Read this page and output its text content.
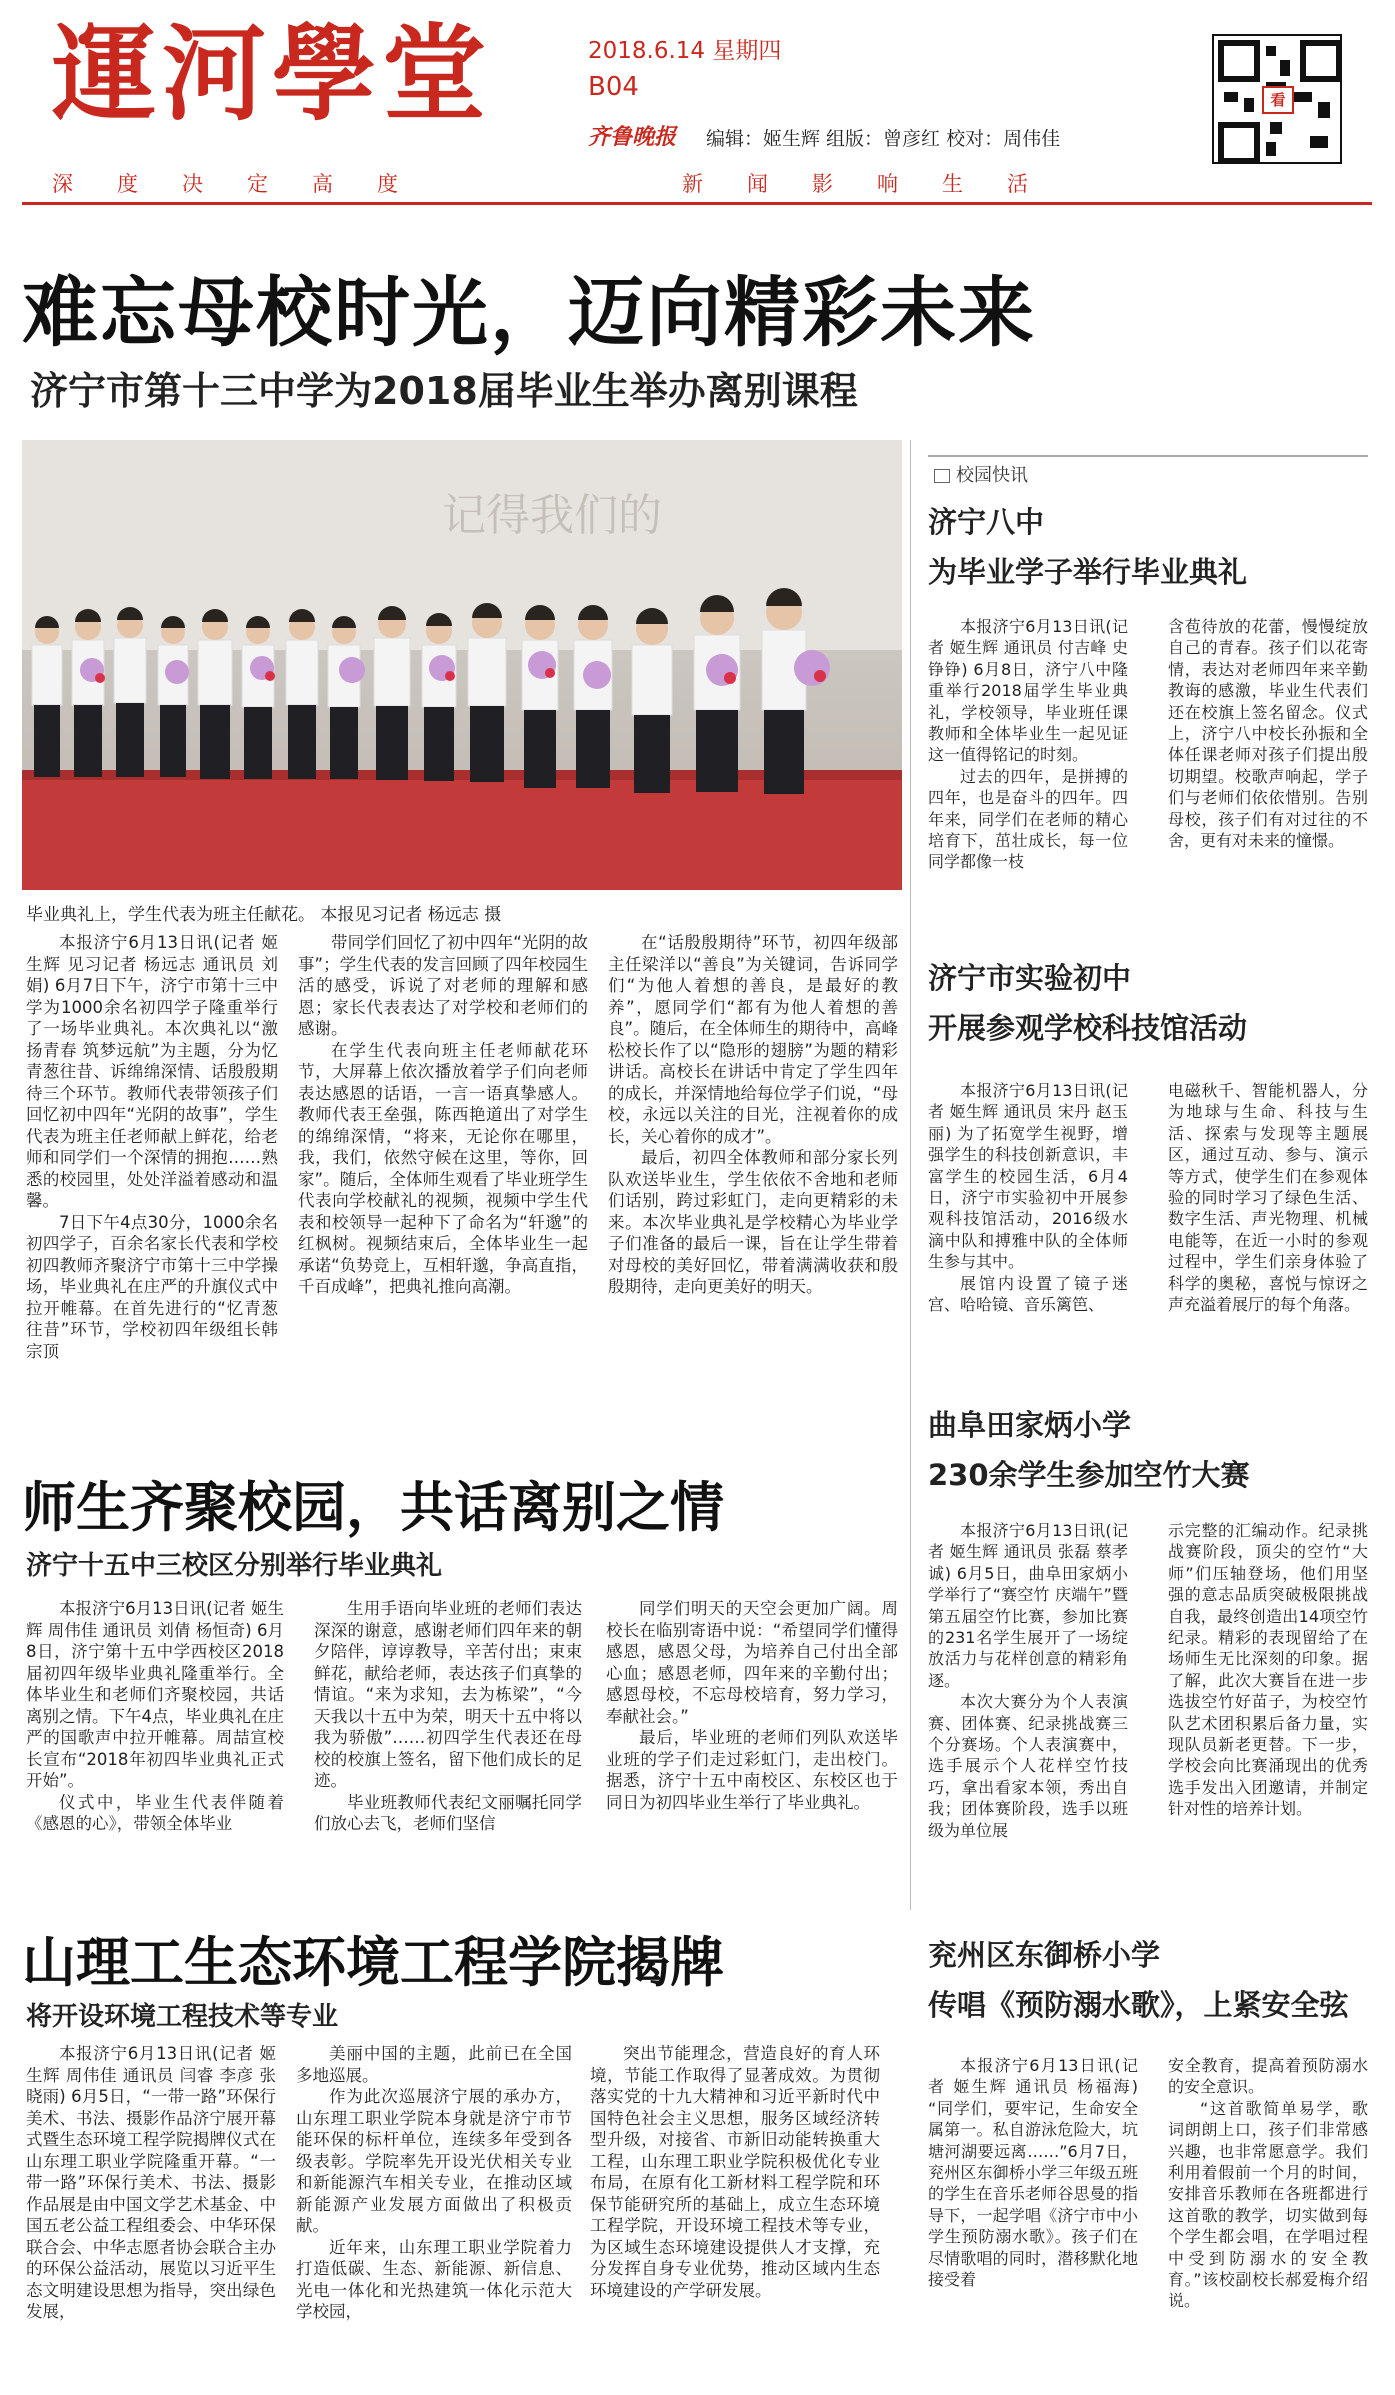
運河學堂	2018.6.14 星期四
B04
齐鲁晚报 编辑：姬生辉 组版：曾彦红 校对：周伟佳
深度决定高度	新闻影响生活
看
难忘母校时光，迈向精彩未来
济宁市第十三中学为2018届毕业生举办离别课程
记得我们的
毕业典礼上，学生代表为班主任献花。 本报见习记者 杨远志 摄

本报济宁6月13日讯(记者 姬生辉 见习记者 杨远志 通讯员 刘娟) 6月7日下午，济宁市第十三中学为1000余名初四学子隆重举行了一场毕业典礼。本次典礼以“激扬青春 筑梦远航”为主题，分为忆青葱往昔、诉绵绵深情、话殷殷期待三个环节。教师代表带领孩子们回忆初中四年“光阴的故事”，学生代表为班主任老师献上鲜花，给老师和同学们一个深情的拥抱……熟悉的校园里，处处洋溢着感动和温馨。

7日下午4点30分，1000余名初四学子，百余名家长代表和学校初四教师齐聚济宁市第十三中学操场，毕业典礼在庄严的升旗仪式中拉开帷幕。在首先进行的“忆青葱往昔”环节，学校初四年级组长韩宗顶

带同学们回忆了初中四年“光阴的故事”；学生代表的发言回顾了四年校园生活的感受，诉说了对老师的理解和感恩；家长代表表达了对学校和老师们的感谢。

在学生代表向班主任老师献花环节，大屏幕上依次播放着学子们向老师表达感恩的话语，一言一语真挚感人。教师代表王垒强，陈西艳道出了对学生的绵绵深情，“将来，无论你在哪里，我，我们，依然守候在这里，等你，回家”。随后，全体师生观看了毕业班学生代表向学校献礼的视频，视频中学生代表和校领导一起种下了命名为“轩邈”的红枫树。视频结束后，全体毕业生一起承诺“负势竞上，互相轩邈，争高直指，千百成峰”，把典礼推向高潮。

在“话殷殷期待”环节，初四年级部主任梁洋以“善良”为关键词，告诉同学们“为他人着想的善良，是最好的教养”，愿同学们“都有为他人着想的善良”。随后，在全体师生的期待中，高峰松校长作了以“隐形的翅膀”为题的精彩讲话。高校长在讲话中肯定了学生四年的成长，并深情地给每位学子们说，“母校，永远以关注的目光，注视着你的成长，关心着你的成才”。

最后，初四全体教师和部分家长列队欢送毕业生，学生依依不舍地和老师们话别，跨过彩虹门，走向更精彩的未来。本次毕业典礼是学校精心为毕业学子们准备的最后一课，旨在让学生带着对母校的美好回忆，带着满满收获和殷殷期待，走向更美好的明天。

师生齐聚校园，共话离别之情
济宁十五中三校区分别举行毕业典礼

本报济宁6月13日讯(记者 姬生辉 周伟佳 通讯员 刘倩 杨恒奇) 6月8日，济宁第十五中学西校区2018届初四年级毕业典礼隆重举行。全体毕业生和老师们齐聚校园，共话离别之情。下午4点，毕业典礼在庄严的国歌声中拉开帷幕。周喆宣校长宣布“2018年初四毕业典礼正式开始”。

仪式中，毕业生代表伴随着《感恩的心》，带领全体毕业

生用手语向毕业班的老师们表达深深的谢意，感谢老师们四年来的朝夕陪伴，谆谆教导，辛苦付出；束束鲜花，献给老师，表达孩子们真挚的情谊。“来为求知，去为栋梁”，“今天我以十五中为荣，明天十五中将以我为骄傲”……初四学生代表还在母校的校旗上签名，留下他们成长的足迹。

毕业班教师代表纪文丽嘱托同学们放心去飞，老师们坚信

同学们明天的天空会更加广阔。周校长在临别寄语中说：“希望同学们懂得感恩，感恩父母，为培养自己付出全部心血；感恩老师，四年来的辛勤付出；感恩母校，不忘母校培育，努力学习，奉献社会。”

最后，毕业班的老师们列队欢送毕业班的学子们走过彩虹门，走出校门。据悉，济宁十五中南校区、东校区也于同日为初四毕业生举行了毕业典礼。

山理工生态环境工程学院揭牌
将开设环境工程技术等专业

本报济宁6月13日讯(记者 姬生辉 周伟佳 通讯员 闫睿 李彦 张晓雨) 6月5日，“一带一路”环保行美术、书法、摄影作品济宁展开幕式暨生态环境工程学院揭牌仪式在山东理工职业学院隆重开幕。“一带一路”环保行美术、书法、摄影作品展是由中国文学艺术基金、中国五老公益工程组委会、中华环保联合会、中华志愿者协会联合主办的环保公益活动，展览以习近平生态文明建设思想为指导，突出绿色发展，

美丽中国的主题，此前已在全国多地巡展。

作为此次巡展济宁展的承办方，山东理工职业学院本身就是济宁市节能环保的标杆单位，连续多年受到各级表彰。学院率先开设光伏相关专业和新能源汽车相关专业，在推动区域新能源产业发展方面做出了积极贡献。

近年来，山东理工职业学院着力打造低碳、生态、新能源、新信息、光电一体化和光热建筑一体化示范大学校园，

突出节能理念，营造良好的育人环境，节能工作取得了显著成效。为贯彻落实党的十九大精神和习近平新时代中国特色社会主义思想，服务区域经济转型升级，对接省、市新旧动能转换重大工程，山东理工职业学院积极优化专业布局，在原有化工新材料工程学院和环保节能研究所的基础上，成立生态环境工程学院，开设环境工程技术等专业，为区域生态环境建设提供人才支撑，充分发挥自身专业优势，推动区域内生态环境建设的产学研发展。

校园快讯
济宁八中
为毕业学子举行毕业典礼

本报济宁6月13日讯(记者 姬生辉 通讯员 付吉峰 史铮铮) 6月8日，济宁八中隆重举行2018届学生毕业典礼，学校领导，毕业班任课教师和全体毕业生一起见证这一值得铭记的时刻。

过去的四年，是拼搏的四年，也是奋斗的四年。四年来，同学们在老师的精心培育下，茁壮成长，每一位同学都像一枝

含苞待放的花蕾，慢慢绽放自己的青春。孩子们以花寄情，表达对老师四年来辛勤教诲的感激，毕业生代表们还在校旗上签名留念。仪式上，济宁八中校长孙振和全体任课老师对孩子们提出殷切期望。校歌声响起，学子们与老师们依依惜别。告别母校，孩子们有对过往的不舍，更有对未来的憧憬。

济宁市实验初中
开展参观学校科技馆活动

本报济宁6月13日讯(记者 姬生辉 通讯员 宋丹 赵玉丽) 为了拓宽学生视野，增强学生的科技创新意识，丰富学生的校园生活，6月4日，济宁市实验初中开展参观科技馆活动，2016级水滴中队和搏雅中队的全体师生参与其中。

展馆内设置了镜子迷宫、哈哈镜、音乐篱笆、

电磁秋千、智能机器人，分为地球与生命、科技与生活、探索与发现等主题展区，通过互动、参与、演示等方式，使学生们在参观体验的同时学习了绿色生活、数字生活、声光物理、机械电能等，在近一小时的参观过程中，学生们亲身体验了科学的奥秘，喜悦与惊讶之声充溢着展厅的每个角落。

曲阜田家炳小学
230余学生参加空竹大赛

本报济宁6月13日讯(记者 姬生辉 通讯员 张磊 蔡孝诚) 6月5日，曲阜田家炳小学举行了“赛空竹 庆端午”暨第五届空竹比赛，参加比赛的231名学生展开了一场绽放活力与花样创意的精彩角逐。

本次大赛分为个人表演赛、团体赛、纪录挑战赛三个分赛场。个人表演赛中，选手展示个人花样空竹技巧，拿出看家本领，秀出自我；团体赛阶段，选手以班级为单位展

示完整的汇编动作。纪录挑战赛阶段，顶尖的空竹“大师”们压轴登场，他们用坚强的意志品质突破极限挑战自我，最终创造出14项空竹纪录。精彩的表现留给了在场师生无比深刻的印象。据了解，此次大赛旨在进一步选拔空竹好苗子，为校空竹队艺术团积累后备力量，实现队员新老更替。下一步，学校会向比赛涌现出的优秀选手发出入团邀请，并制定针对性的培养计划。

兖州区东御桥小学
传唱《预防溺水歌》，上紧安全弦

本报济宁6月13日讯(记者 姬生辉 通讯员 杨福海) “同学们，要牢记，生命安全属第一。私自游泳危险大，坑塘河湖要远离……”6月7日，兖州区东御桥小学三年级五班的学生在音乐老师谷思曼的指导下，一起学唱《济宁市中小学生预防溺水歌》。孩子们在尽情歌唱的同时，潜移默化地接受着

安全教育，提高着预防溺水的安全意识。

“这首歌简单易学，歌词朗朗上口，孩子们非常感兴趣，也非常愿意学。我们利用着假前一个月的时间，安排音乐教师在各班都进行这首歌的教学，切实做到每个学生都会唱，在学唱过程中受到防溺水的安全教育。”该校副校长郝爱梅介绍说。
